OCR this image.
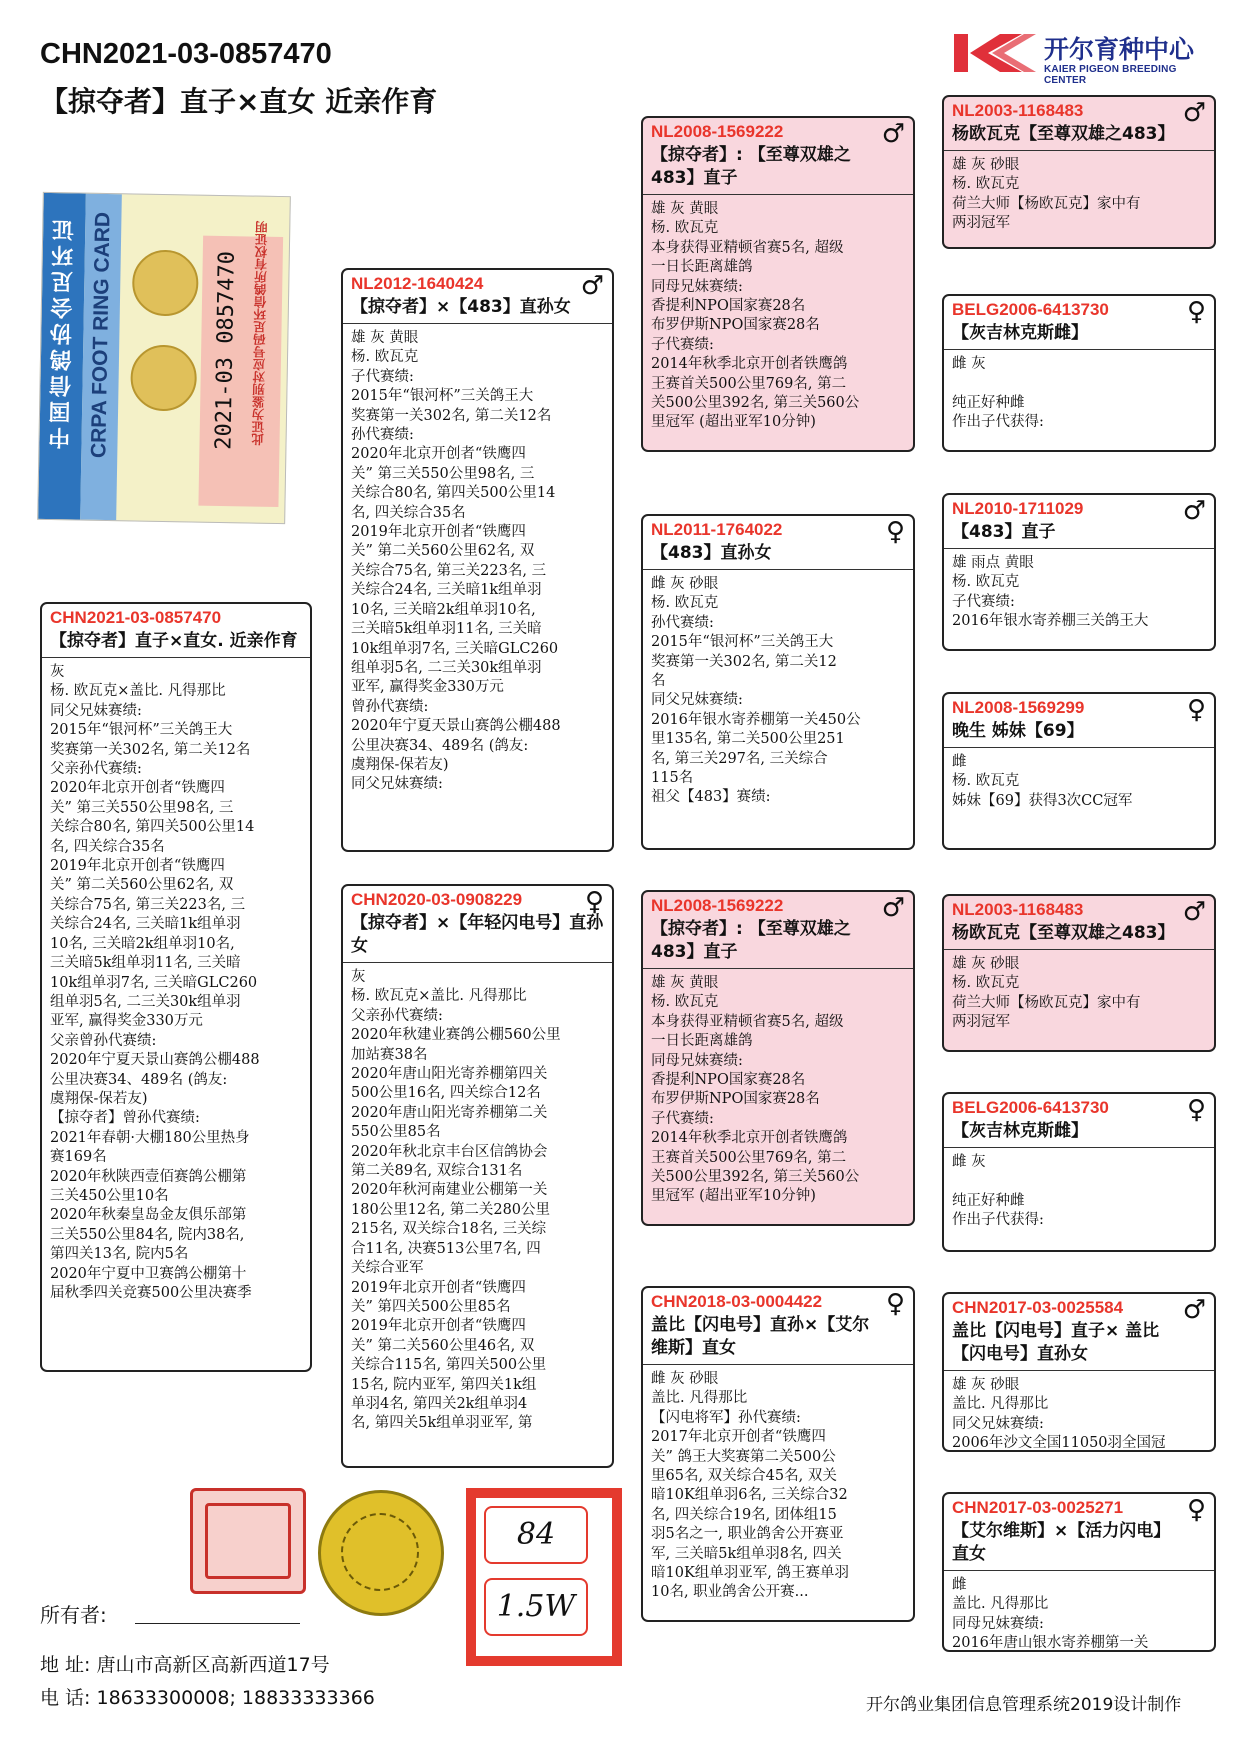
CHN2021-03-0857470
【掠夺者】直子×直女 近亲作育
开尔育种中心
KAIER PIGEON BREEDING CENTER
中国信鸽协会足环证 CRPA FOOT RING CARD	2021-03 0857470 此证为鉴别对应号码足环信鸽所有权证明
CHN2021-03-0857470
【掠夺者】直子×直女. 近亲作育
灰
杨. 欧瓦克×盖比. 凡得那比
同父兄妹赛绩:
2015年“银河杯”三关鸽王大
奖赛第一关302名, 第二关12名
父亲孙代赛绩:
2020年北京开创者“铁鹰四
关” 第三关550公里98名, 三
关综合80名, 第四关500公里14
名, 四关综合35名
2019年北京开创者“铁鹰四
关” 第二关560公里62名, 双
关综合75名, 第三关223名, 三
关综合24名, 三关暗1k组单羽
10名, 三关暗2k组单羽10名,
三关暗5k组单羽11名, 三关暗
10k组单羽7名, 三关暗GLC260
组单羽5名, 二三关30k组单羽
亚军, 赢得奖金330万元
父亲曾孙代赛绩:
2020年宁夏天景山赛鸽公棚488
公里决赛34、489名 (鸽友:
虞翔保-保若友)
【掠夺者】曾孙代赛绩:
2021年春朝·大棚180公里热身
赛169名
2020年秋陕西壹佰赛鸽公棚第
三关450公里10名
2020年秋秦皇岛金友俱乐部第
三关550公里84名, 院内38名,
第四关13名, 院内5名
2020年宁夏中卫赛鸽公棚第十
届秋季四关竞赛500公里决赛季
NL2012-1640424
【掠夺者】×【483】直孙女
♂
雄 灰 黄眼
杨. 欧瓦克
子代赛绩:
2015年“银河杯”三关鸽王大
奖赛第一关302名, 第二关12名
孙代赛绩:
2020年北京开创者“铁鹰四
关” 第三关550公里98名, 三
关综合80名, 第四关500公里14
名, 四关综合35名
2019年北京开创者“铁鹰四
关” 第二关560公里62名, 双
关综合75名, 第三关223名, 三
关综合24名, 三关暗1k组单羽
10名, 三关暗2k组单羽10名,
三关暗5k组单羽11名, 三关暗
10k组单羽7名, 三关暗GLC260
组单羽5名, 二三关30k组单羽
亚军, 赢得奖金330万元
曾孙代赛绩:
2020年宁夏天景山赛鸽公棚488
公里决赛34、489名 (鸽友:
虞翔保-保若友)
同父兄妹赛绩:
CHN2020-03-0908229
【掠夺者】×【年轻闪电号】直孙女
♀
灰
杨. 欧瓦克×盖比. 凡得那比
父亲孙代赛绩:
2020年秋建业赛鸽公棚560公里
加站赛38名
2020年唐山阳光寄养棚第四关
500公里16名, 四关综合12名
2020年唐山阳光寄养棚第二关
550公里85名
2020年秋北京丰台区信鸽协会
第二关89名, 双综合131名
2020年秋河南建业公棚第一关
180公里12名, 第二关280公里
215名, 双关综合18名, 三关综
合11名, 决赛513公里7名, 四
关综合亚军
2019年北京开创者“铁鹰四
关” 第四关500公里85名
2019年北京开创者“铁鹰四
关” 第二关560公里46名, 双
关综合115名, 第四关500公里
15名, 院内亚军, 第四关1k组
单羽4名, 第四关2k组单羽4
名, 第四关5k组单羽亚军, 第
NL2008-1569222
【掠夺者】: 【至尊双雄之483】直子
♂
雄 灰 黄眼
杨. 欧瓦克
本身获得亚精顿省赛5名, 超级
一日长距离雄鸽
同母兄妹赛绩:
香提利NPO国家赛28名
布罗伊斯NPO国家赛28名
子代赛绩:
2014年秋季北京开创者铁鹰鸽
王赛首关500公里769名, 第二
关500公里392名, 第三关560公
里冠军 (超出亚军10分钟)
NL2011-1764022
【483】直孙女
♀
雌 灰 砂眼
杨. 欧瓦克
孙代赛绩:
2015年“银河杯”三关鸽王大
奖赛第一关302名, 第二关12
名
同父兄妹赛绩:
2016年银水寄养棚第一关450公
里135名, 第二关500公里251
名, 第三关297名, 三关综合
115名
祖父【483】赛绩:
NL2008-1569222
【掠夺者】: 【至尊双雄之483】直子
♂
雄 灰 黄眼
杨. 欧瓦克
本身获得亚精顿省赛5名, 超级
一日长距离雄鸽
同母兄妹赛绩:
香提利NPO国家赛28名
布罗伊斯NPO国家赛28名
子代赛绩:
2014年秋季北京开创者铁鹰鸽
王赛首关500公里769名, 第二
关500公里392名, 第三关560公
里冠军 (超出亚军10分钟)
CHN2018-03-0004422
盖比【闪电号】直孙×【艾尔维斯】直女
♀
雌 灰 砂眼
盖比. 凡得那比
【闪电将军】孙代赛绩:
2017年北京开创者“铁鹰四
关” 鸽王大奖赛第二关500公
里65名, 双关综合45名, 双关
暗10K组单羽6名, 三关综合32
名, 四关综合19名, 团体组15
羽5名之一, 职业鸽舍公开赛亚
军, 三关暗5k组单羽8名, 四关
暗10K组单羽亚军, 鸽王赛单羽
10名, 职业鸽舍公开赛...
NL2003-1168483
杨欧瓦克【至尊双雄之483】
♂
雄 灰 砂眼
杨. 欧瓦克
荷兰大师【杨欧瓦克】家中有
两羽冠军
BELG2006-6413730
【灰吉林克斯雌】
♀
雌 灰

纯正好种雌
作出子代获得:
NL2010-1711029
【483】直子
♂
雄 雨点 黄眼
杨. 欧瓦克
子代赛绩:
2016年银水寄养棚三关鸽王大
NL2008-1569299
晚生 姊妹【69】
♀
雌
杨. 欧瓦克
姊妹【69】获得3次CC冠军
NL2003-1168483
杨欧瓦克【至尊双雄之483】
♂
雄 灰 砂眼
杨. 欧瓦克
荷兰大师【杨欧瓦克】家中有
两羽冠军
BELG2006-6413730
【灰吉林克斯雌】
♀
雌 灰

纯正好种雌
作出子代获得:
CHN2017-03-0025584
盖比【闪电号】直子× 盖比【闪电号】直孙女
♂
雄 灰 砂眼
盖比. 凡得那比
同父兄妹赛绩:
2006年沙文全国11050羽全国冠
CHN2017-03-0025271
【艾尔维斯】×【活力闪电】直女
♀
雌
盖比. 凡得那比
同母兄妹赛绩:
2016年唐山银水寄养棚第一关
84
1.5W
所有者:
地 址: 唐山市高新区高新西道17号
电 话: 18633300008; 18833333366	开尔鸽业集团信息管理系统2019设计制作
